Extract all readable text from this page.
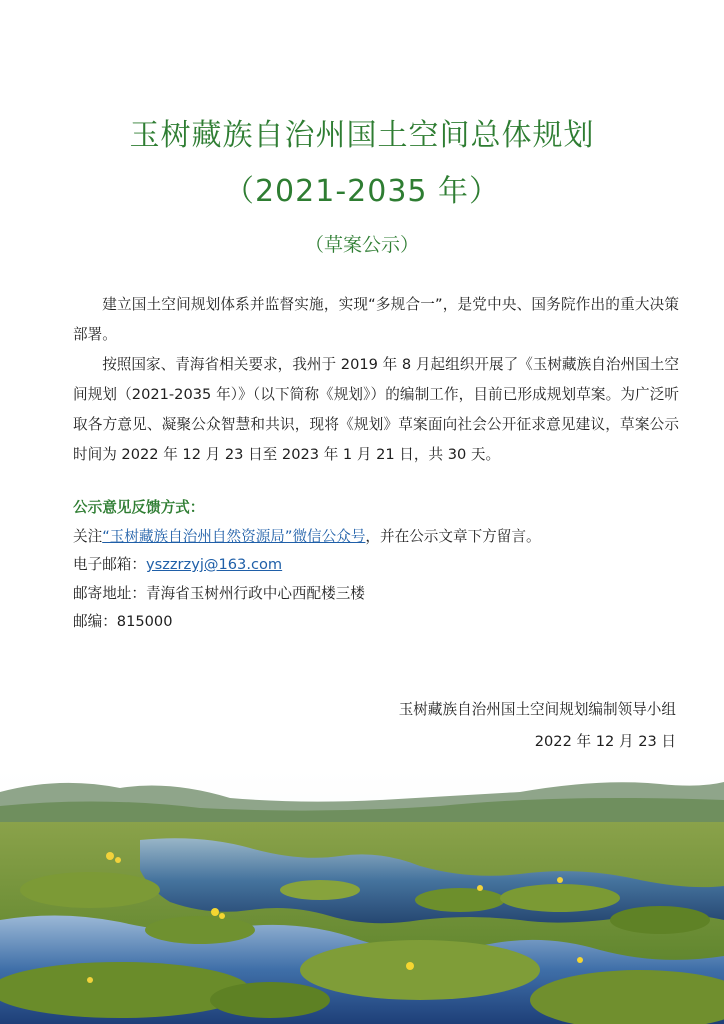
玉树藏族自治州国土空间总体规划
（2021-2035 年）
（草案公示）

建立国土空间规划体系并监督实施，实现“多规合一”，是党中央、国务院作出的重大决策部署。

按照国家、青海省相关要求，我州于 2019 年 8 月起组织开展了《玉树藏族自治州国土空间规划（2021-2035 年）》（以下简称《规划》）的编制工作，目前已形成规划草案。为广泛听取各方意见、凝聚公众智慧和共识，现将《规划》草案面向社会公开征求意见建议，草案公示时间为 2022 年 12 月 23 日至 2023 年 1 月 21 日，共 30 天。

公示意见反馈方式：
关注“玉树藏族自治州自然资源局”微信公众号，并在公示文章下方留言。
电子邮箱：yszzrzyj@163.com
邮寄地址：青海省玉树州行政中心西配楼三楼
邮编：815000
玉树藏族自治州国土空间规划编制领导小组
2022 年 12 月 23 日
